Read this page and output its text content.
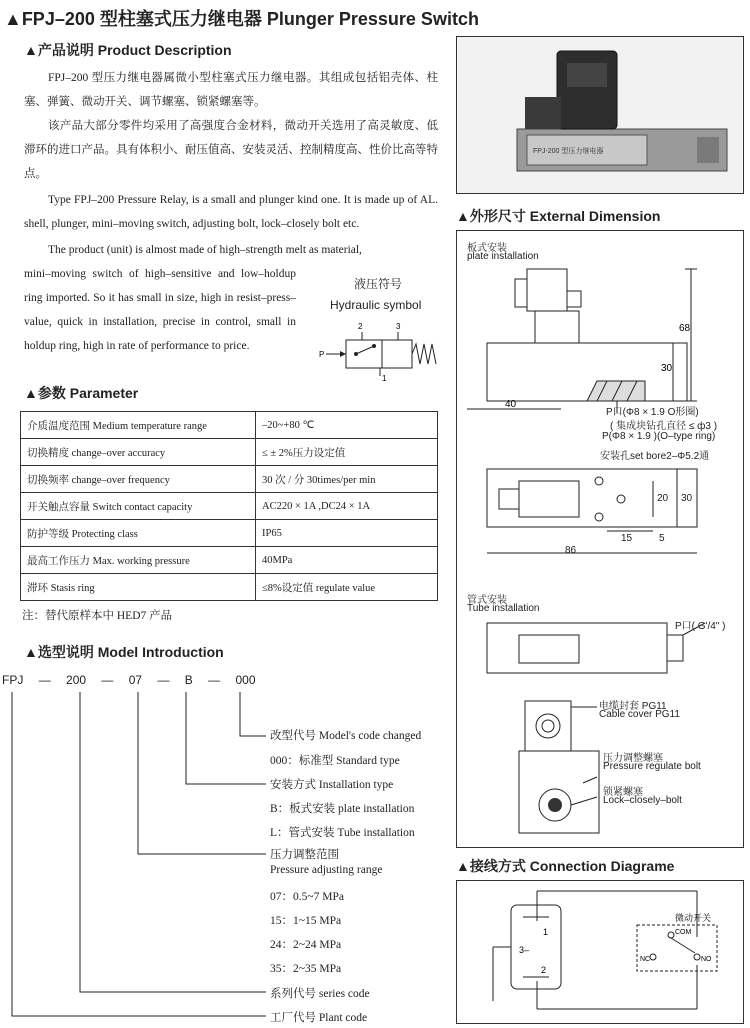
▲FPJ–200 型柱塞式压力继电器 Plunger Pressure Switch
▲产品说明 Product Description
FPJ–200 型压力继电器属微小型柱塞式压力继电器。其组成包括铝壳体、柱塞、弹簧、微动开关、调节螺塞、锁紧螺塞等。
该产品大部分零件均采用了高强度合金材料，微动开关选用了高灵敏度、低滞环的进口产品。具有体积小、耐压值高、安装灵活、控制精度高、性价比高等特点。
Type FPJ–200 Pressure Relay, is a small and plunger kind one. It is made up of AL. shell, plunger, mini–moving switch, adjusting bolt, lock–closely bolt etc.
The product (unit) is almost made of high–strength melt as material,
mini–moving switch of high–sensitive and low–holdup ring imported. So it has small in size, high in resist–press–value, quick in installation, precise in control, small in holdup ring, high in rate of performance to price.
液压符号
Hydraulic symbol
2	3
P
1
▲参数 Parameter
介质温度范围 Medium temperature range	–20~+80 ℃
切换精度 change–over accuracy	≤ ± 2%压力设定值
切换频率 change–over frequency	30 次 / 分 30times/per min
开关触点容量 Switch contact capacity	AC220 × 1A ,DC24 × 1A
防护等级 Protecting class	IP65
最高工作压力 Max. working pressure	40MPa
滞环 Stasis ring	≤8%设定值 regulate value
注：替代原样本中 HED7 产品
▲选型说明 Model Introduction
FPJ — 200 — 07 — B — 000
改型代号 Model's code changed
000：标准型 Standard type
安装方式 Installation type
B：板式安装 plate installation
L：管式安装 Tube installation
压力调整范围
Pressure adjusting range
07：0.5~7 MPa
15：1~15 MPa
24：2~24 MPa
35：2~35 MPa
系列代号 series code
工厂代号 Plant code
FPJ-200 型压力继电器
▲外形尺寸 External Dimension
板式安装
plate installation
68
30
40
P口(Φ8 × 1.9 O形圈)
( 集成块钻孔直径 ≤ ф3 )
P(Φ8 × 1.9 )(O–type ring)
安装孔set bore2–Φ5.2通
20 30
15	5
86
管式安装
Tube installation
P口( G'/4" )
电缆封套 PG11
Cable cover PG11
压力调整螺塞
Pressure regulate bolt
锁紧螺塞
Lock–closely–bolt
▲接线方式 Connection Diagrame
1
3–
2
COM
NC	NO
微动开关
